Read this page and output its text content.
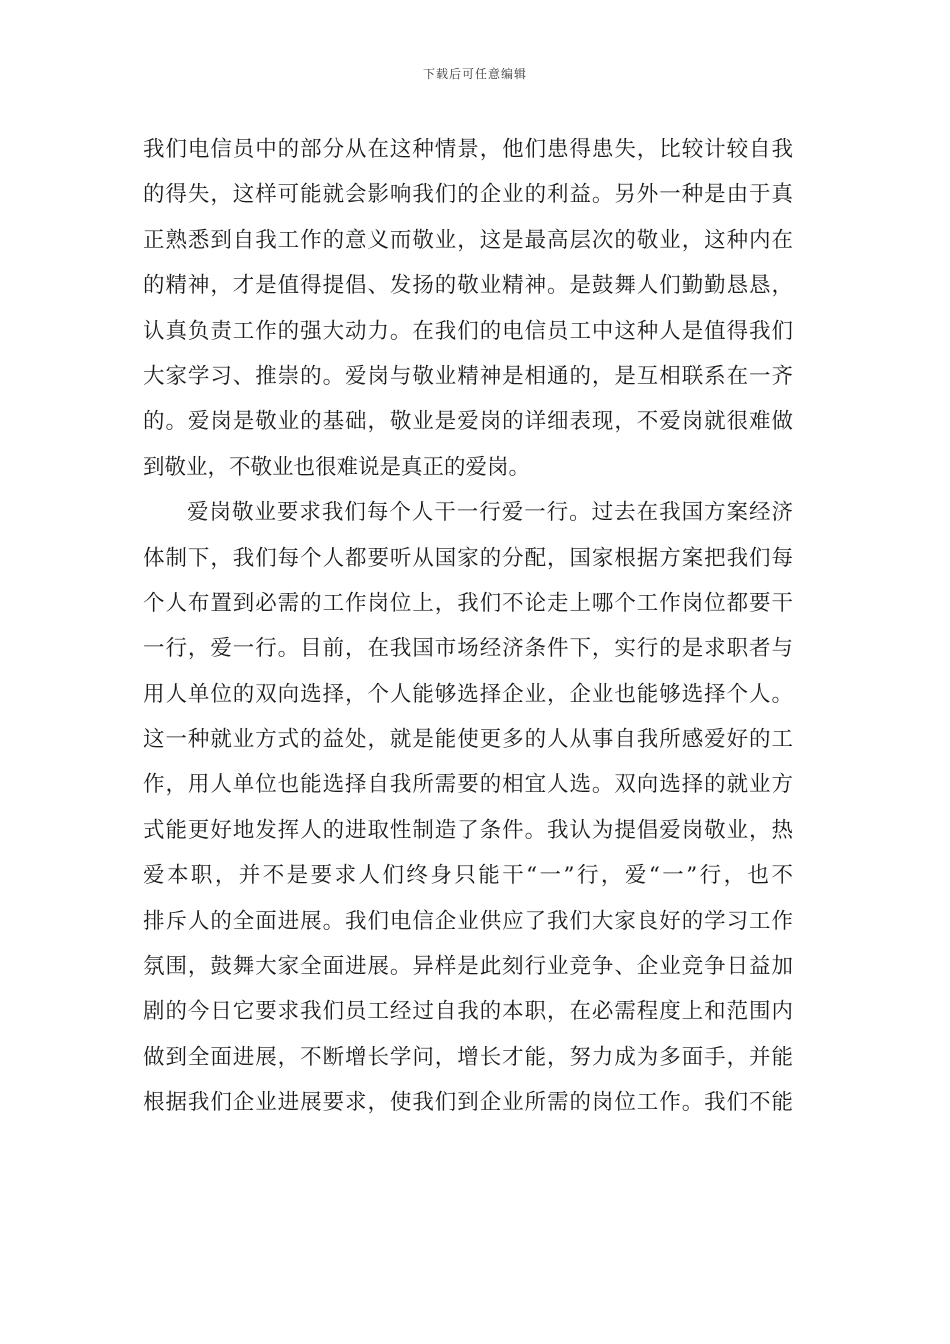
下载后可任意编辑
我们电信员中的部分从在这种情景，他们患得患失，比较计较自我
的得失，这样可能就会影响我们的企业的利益。另外一种是由于真
正熟悉到自我工作的意义而敬业，这是最高层次的敬业，这种内在
的精神，才是值得提倡、发扬的敬业精神。是鼓舞人们勤勤恳恳，
认真负责工作的强大动力。在我们的电信员工中这种人是值得我们
大家学习、推崇的。爱岗与敬业精神是相通的，是互相联系在一齐
的。爱岗是敬业的基础，敬业是爱岗的详细表现，不爱岗就很难做
到敬业，不敬业也很难说是真正的爱岗。
爱岗敬业要求我们每个人干一行爱一行。过去在我国方案经济
体制下，我们每个人都要听从国家的分配，国家根据方案把我们每
个人布置到必需的工作岗位上，我们不论走上哪个工作岗位都要干
一行，爱一行。目前，在我国市场经济条件下，实行的是求职者与
用人单位的双向选择，个人能够选择企业，企业也能够选择个人。
这一种就业方式的益处，就是能使更多的人从事自我所感爱好的工
作，用人单位也能选择自我所需要的相宜人选。双向选择的就业方
式能更好地发挥人的进取性制造了条件。我认为提倡爱岗敬业，热
爱本职，并不是要求人们终身只能干“一”行，爱“一”行，也不
排斥人的全面进展。我们电信企业供应了我们大家良好的学习工作
氛围，鼓舞大家全面进展。异样是此刻行业竞争、企业竞争日益加
剧的今日它要求我们员工经过自我的本职，在必需程度上和范围内
做到全面进展，不断增长学问，增长才能，努力成为多面手，并能
根据我们企业进展要求，使我们到企业所需的岗位工作。我们不能
